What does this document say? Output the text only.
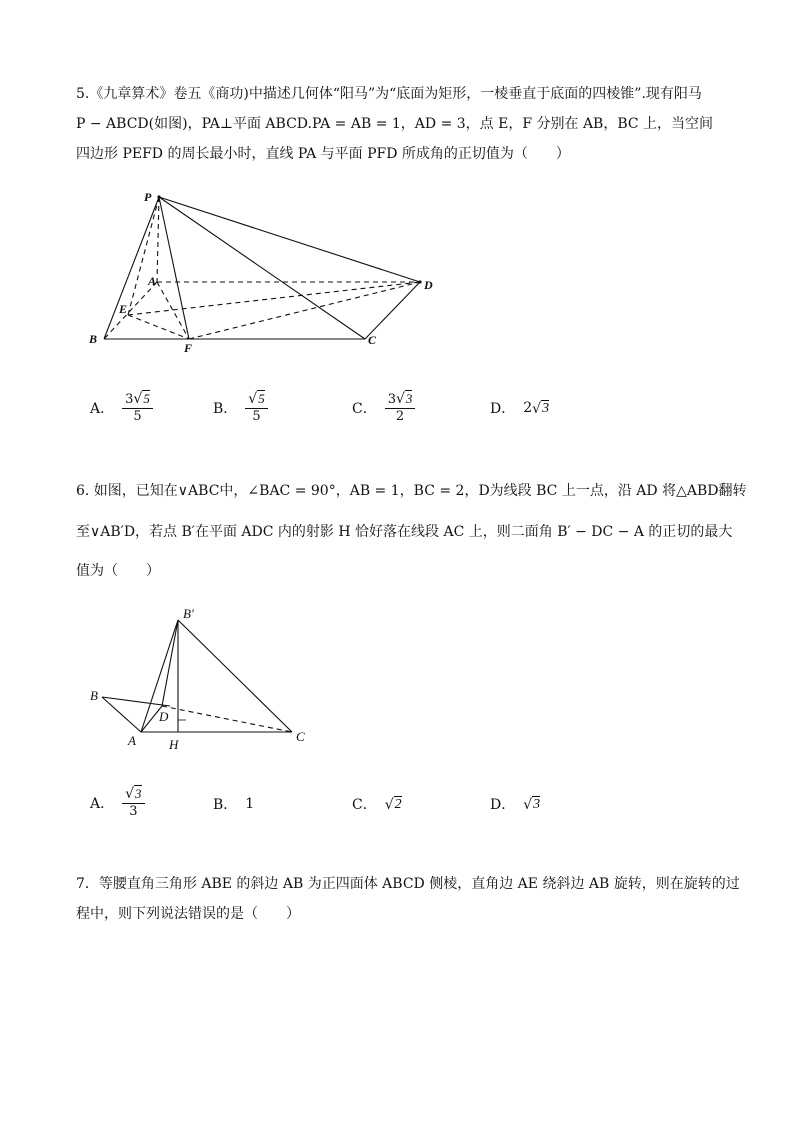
5.《九章算术》卷五《商功)中描述几何体“阳马”为“底面为矩形，一棱垂直于底面的四棱锥”.现有阳马
P − ABCD(如图)，PA⊥平面 ABCD.PA = AB = 1，AD = 3，点 E，F 分别在 AB，BC 上，当空间
四边形 PEFD 的周长最小时，直线 PA 与平面 PFD 所成角的正切值为（　　）
P
A
B	C
D
E
F
A． $\frac{3 √ 5}{5}$	B． $\frac{√ 5}{5}$	C． $\frac{3 √ 3}{2}$	D． 2 √ 3
6. 如图，已知在∨ABC中，∠BAC = 90°，AB = 1，BC = 2，D为线段 BC 上一点，沿 AD 将△ABD翻转
至∨AB′D，若点 B′在平面 ADC 内的射影 H 恰好落在线段 AC 上，则二面角 B′ − DC − A 的正切的最大
值为（　　）
B′
B
A
D
H
C
A． $\frac{√ 3}{3}$	B． 1	C． √ 2	D． √ 3
7．等腰直角三角形 ABE 的斜边 AB 为正四面体 ABCD 侧棱，直角边 AE 绕斜边 AB 旋转，则在旋转的过
程中，则下列说法错误的是（　　）
